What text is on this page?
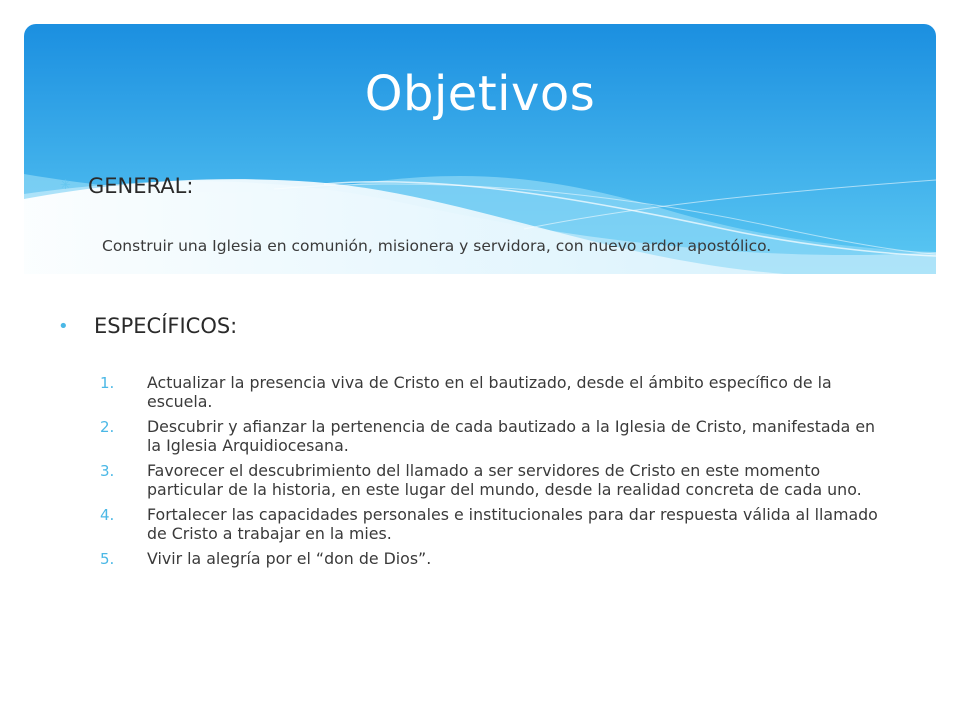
Objetivos
✳ GENERAL:
Construir una Iglesia en comunión, misionera y servidora, con nuevo ardor apostólico.
• ESPECÍFICOS:
1. Actualizar la presencia viva de Cristo en el bautizado, desde el ámbito específico de la escuela.
2. Descubrir y afianzar la pertenencia de cada bautizado a la Iglesia de Cristo, manifestada en la Iglesia Arquidiocesana.
3. Favorecer el descubrimiento del llamado a ser servidores de Cristo en este momento particular de la historia, en este lugar del mundo, desde la realidad concreta de cada uno.
4. Fortalecer las capacidades personales e institucionales para dar respuesta válida al llamado de Cristo a trabajar en la mies.
5. Vivir la alegría por el “don de Dios”.
